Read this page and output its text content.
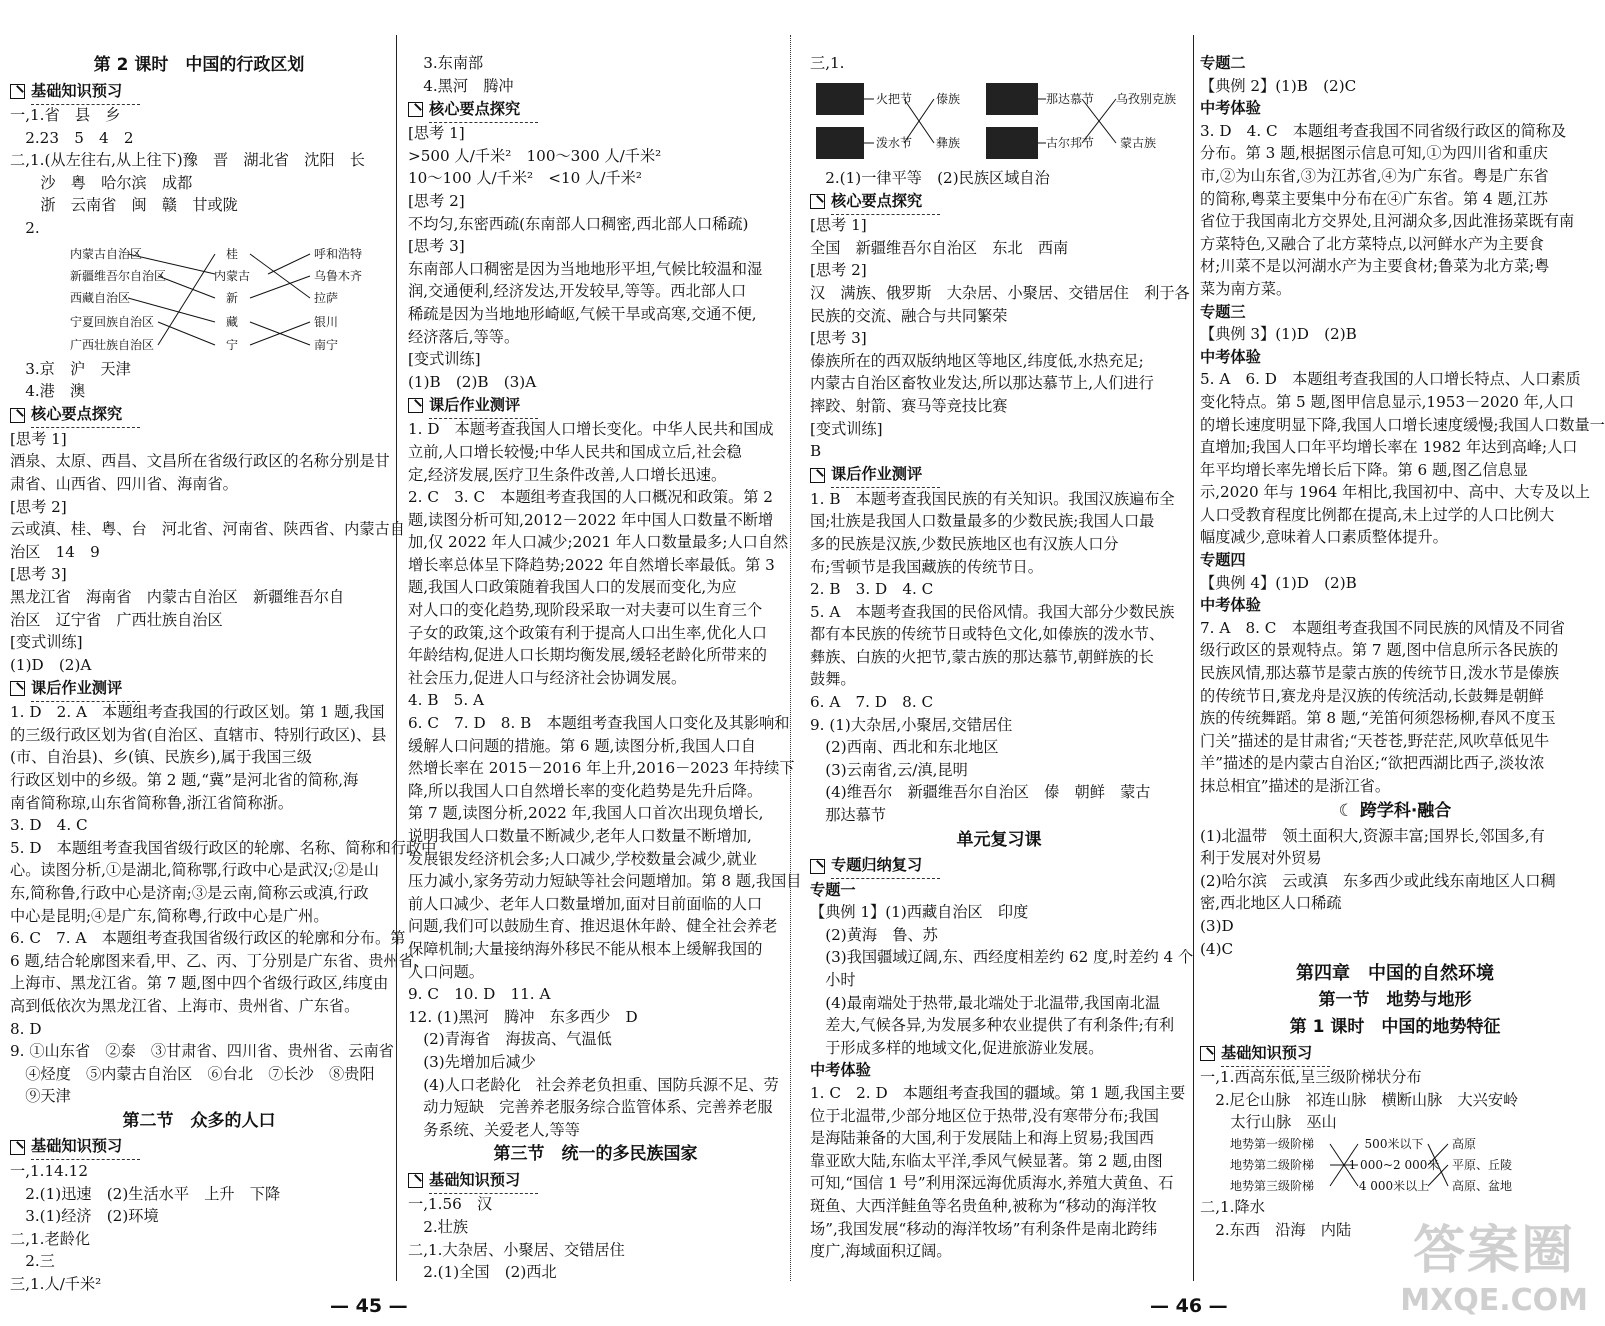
第 2 课时　中国的行政区划
基础知识预习
一,1.省　县　乡
　2.23　5　4　2
二,1.(从左往右,从上往下)豫　晋　湖北省　沈阳　长
　　沙　粤　哈尔滨　成都
　　浙　云南省　闽　赣　甘或陇
　2.
内蒙古自治区
新疆维吾尔自治区
西藏自治区
宁夏回族自治区
广西壮族自治区
桂
内蒙古
新
藏
宁
呼和浩特
乌鲁木齐
拉萨
银川
南宁
　3.京　沪　天津
　4.港　澳
核心要点探究
[思考 1]
酒泉、太原、西昌、文昌所在省级行政区的名称分别是甘
肃省、山西省、四川省、海南省。
[思考 2]
云或滇、桂、粤、台　河北省、河南省、陕西省、内蒙古自
治区　14　9
[思考 3]
黑龙江省　海南省　内蒙古自治区　新疆维吾尔自
治区　辽宁省　广西壮族自治区
[变式训练]
(1)D　(2)A
课后作业测评
1. D　2. A　本题组考查我国的行政区划。第 1 题,我国
的三级行政区划为省(自治区、直辖市、特别行政区)、县
(市、自治县)、乡(镇、民族乡),属于我国三级
行政区划中的乡级。第 2 题,“冀”是河北省的简称,海
南省简称琼,山东省简称鲁,浙江省简称浙。
3. D　4. C
5. D　本题组考查我国省级行政区的轮廓、名称、简称和行政中
心。读图分析,①是湖北,简称鄂,行政中心是武汉;②是山
东,简称鲁,行政中心是济南;③是云南,简称云或滇,行政
中心是昆明;④是广东,简称粤,行政中心是广州。
6. C　7. A　本题组考查我国省级行政区的轮廓和分布。第
6 题,结合轮廓图来看,甲、乙、丙、丁分别是广东省、贵州省、
上海市、黑龙江省。第 7 题,图中四个省级行政区,纬度由
高到低依次为黑龙江省、上海市、贵州省、广东省。
8. D
9. ①山东省　②泰　③甘肃省、四川省、贵州省、云南省
　④烃度　⑤内蒙古自治区　⑥台北　⑦长沙　⑧贵阳
　⑨天津
第二节　众多的人口
基础知识预习
一,1.14.12
　2.(1)迅速　(2)生活水平　上升　下降
　3.(1)经济　(2)环境
二,1.老龄化
　2.三
三,1.人/千米²
　3.东南部
　4.黑河　腾冲
核心要点探究
[思考 1]
>500 人/千米²　100～300 人/千米²
10～100 人/千米²　<10 人/千米²
[思考 2]
不均匀,东密西疏(东南部人口稠密,西北部人口稀疏)
[思考 3]
东南部人口稠密是因为当地地形平坦,气候比较温和湿
润,交通便利,经济发达,开发较早,等等。西北部人口
稀疏是因为当地地形崎岖,气候干旱或高寒,交通不便,
经济落后,等等。
[变式训练]
(1)B　(2)B　(3)A
课后作业测评
1. D　本题考查我国人口增长变化。中华人民共和国成
立前,人口增长较慢;中华人民共和国成立后,社会稳
定,经济发展,医疗卫生条件改善,人口增长迅速。
2. C　3. C　本题组考查我国的人口概况和政策。第 2
题,读图分析可知,2012－2022 年中国人口数量不断增
加,仅 2022 年人口减少;2021 年人口数量最多;人口自然
增长率总体呈下降趋势;2022 年自然增长率最低。第 3
题,我国人口政策随着我国人口的发展而变化,为应
对人口的变化趋势,现阶段采取一对夫妻可以生育三个
子女的政策,这个政策有利于提高人口出生率,优化人口
年龄结构,促进人口长期均衡发展,缓轻老龄化所带来的
社会压力,促进人口与经济社会协调发展。
4. B　5. A
6. C　7. D　8. B　本题组考查我国人口变化及其影响和
缓解人口问题的措施。第 6 题,读图分析,我国人口自
然增长率在 2015－2016 年上升,2016－2023 年持续下
降,所以我国人口自然增长率的变化趋势是先升后降。
第 7 题,读图分析,2022 年,我国人口首次出现负增长,
说明我国人口数量不断减少,老年人口数量不断增加,
发展银发经济机会多;人口减少,学校数量会减少,就业
压力减小,家务劳动力短缺等社会问题增加。第 8 题,我国目
前人口减少、老年人口数量增加,面对目前面临的人口
问题,我们可以鼓励生育、推迟退休年龄、健全社会养老
保障机制;大量接纳海外移民不能从根本上缓解我国的
人口问题。
9. C　10. D　11. A
12. (1)黑河　腾冲　东多西少　D
　(2)青海省　海拔高、气温低
　(3)先增加后减少
　(4)人口老龄化　社会养老负担重、国防兵源不足、劳
　动力短缺　完善养老服务综合监管体系、完善养老服
　务系统、关爱老人,等等
第三节　统一的多民族国家
基础知识预习
一,1.56　汉
　2.壮族
二,1.大杂居、小聚居、交错居住
　2.(1)全国　(2)西北
三,1.
火把节
泼水节
傣族
彝族
那达慕节
古尔邦节
乌孜别克族
蒙古族
　2.(1)一律平等　(2)民族区域自治
核心要点探究
[思考 1]
全国　新疆维吾尔自治区　东北　西南
[思考 2]
汉　满族、俄罗斯　大杂居、小聚居、交错居住　利于各
民族的交流、融合与共同繁荣
[思考 3]
傣族所在的西双版纳地区等地区,纬度低,水热充足;
内蒙古自治区畜牧业发达,所以那达慕节上,人们进行
摔跤、射箭、赛马等竞技比赛
[变式训练]
B
课后作业测评
1. B　本题考查我国民族的有关知识。我国汉族遍布全
国;壮族是我国人口数量最多的少数民族;我国人口最
多的民族是汉族,少数民族地区也有汉族人口分
布;雪顿节是我国藏族的传统节日。
2. B　3. D　4. C
5. A　本题考查我国的民俗风情。我国大部分少数民族
都有本民族的传统节日或特色文化,如傣族的泼水节、
彝族、白族的火把节,蒙古族的那达慕节,朝鲜族的长
鼓舞。
6. A　7. D　8. C
9. (1)大杂居,小聚居,交错居住
　(2)西南、西北和东北地区
　(3)云南省,云/滇,昆明
　(4)维吾尔　新疆维吾尔自治区　傣　朝鲜　蒙古
　那达慕节
单元复习课
专题归纳复习
专题一
【典例 1】(1)西藏自治区　印度
　(2)黄海　鲁、苏
　(3)我国疆域辽阔,东、西经度相差约 62 度,时差约 4 个
　小时
　(4)最南端处于热带,最北端处于北温带,我国南北温
　差大,气候各异,为发展多种农业提供了有利条件;有利
　于形成多样的地域文化,促进旅游业发展。
中考体验
1. C　2. D　本题组考查我国的疆域。第 1 题,我国主要
位于北温带,少部分地区位于热带,没有寒带分布;我国
是海陆兼备的大国,利于发展陆上和海上贸易;我国西
靠亚欧大陆,东临太平洋,季风气候显著。第 2 题,由图
可知,“国信 1 号”利用深远海优质海水,养殖大黄鱼、石
斑鱼、大西洋鲑鱼等名贵鱼种,被称为“移动的海洋牧
场”,我国发展“移动的海洋牧场”有利条件是南北跨纬
度广,海域面积辽阔。
专题二
【典例 2】(1)B　(2)C
中考体验
3. D　4. C　本题组考查我国不同省级行政区的简称及
分布。第 3 题,根据图示信息可知,①为四川省和重庆
市,②为山东省,③为江苏省,④为广东省。粤是广东省
的简称,粤菜主要集中分布在④广东省。第 4 题,江苏
省位于我国南北方交界处,且河湖众多,因此淮扬菜既有南
方菜特色,又融合了北方菜特点,以河鲜水产为主要食
材;川菜不是以河湖水产为主要食材;鲁菜为北方菜;粤
菜为南方菜。
专题三
【典例 3】(1)D　(2)B
中考体验
5. A　6. D　本题组考查我国的人口增长特点、人口素质
变化特点。第 5 题,图甲信息显示,1953－2020 年,人口
的增长速度明显下降,我国人口增长速度缓慢;我国人口数量一
直增加;我国人口年平均增长率在 1982 年达到高峰;人口
年平均增长率先增长后下降。第 6 题,图乙信息显
示,2020 年与 1964 年相比,我国初中、高中、大专及以上
人口受教育程度比例都在提高,未上过学的人口比例大
幅度减少,意味着人口素质整体提升。
专题四
【典例 4】(1)D　(2)B
中考体验
7. A　8. C　本题组考查我国不同民族的风情及不同省
级行政区的景观特点。第 7 题,图中信息所示各民族的
民族风情,那达慕节是蒙古族的传统节日,泼水节是傣族
的传统节日,赛龙舟是汉族的传统活动,长鼓舞是朝鲜
族的传统舞蹈。第 8 题,“羌笛何须怨杨柳,春风不度玉
门关”描述的是甘肃省;“天苍苍,野茫茫,风吹草低见牛
羊”描述的是内蒙古自治区;“欲把西湖比西子,淡妆浓
抹总相宜”描述的是浙江省。
☾ 跨学科·融合
(1)北温带　领土面积大,资源丰富;国界长,邻国多,有
利于发展对外贸易
(2)哈尔滨　云或滇　东多西少或此线东南地区人口稠
密,西北地区人口稀疏
(3)D
(4)C
第四章　中国的自然环境
第一节　地势与地形
第 1 课时　中国的地势特征
基础知识预习
一,1.西高东低,呈三级阶梯状分布
　2.尼仑山脉　祁连山脉　横断山脉　大兴安岭
　　太行山脉　巫山
地势第一级阶梯
地势第二级阶梯
地势第三级阶梯
500米以下
1 000~2 000米
4 000米以上
高原
平原、丘陵
高原、盆地
二,1.降水
　2.东西　沿海　内陆
— 45 —	— 46 —
答案圈
MXQE.COM
